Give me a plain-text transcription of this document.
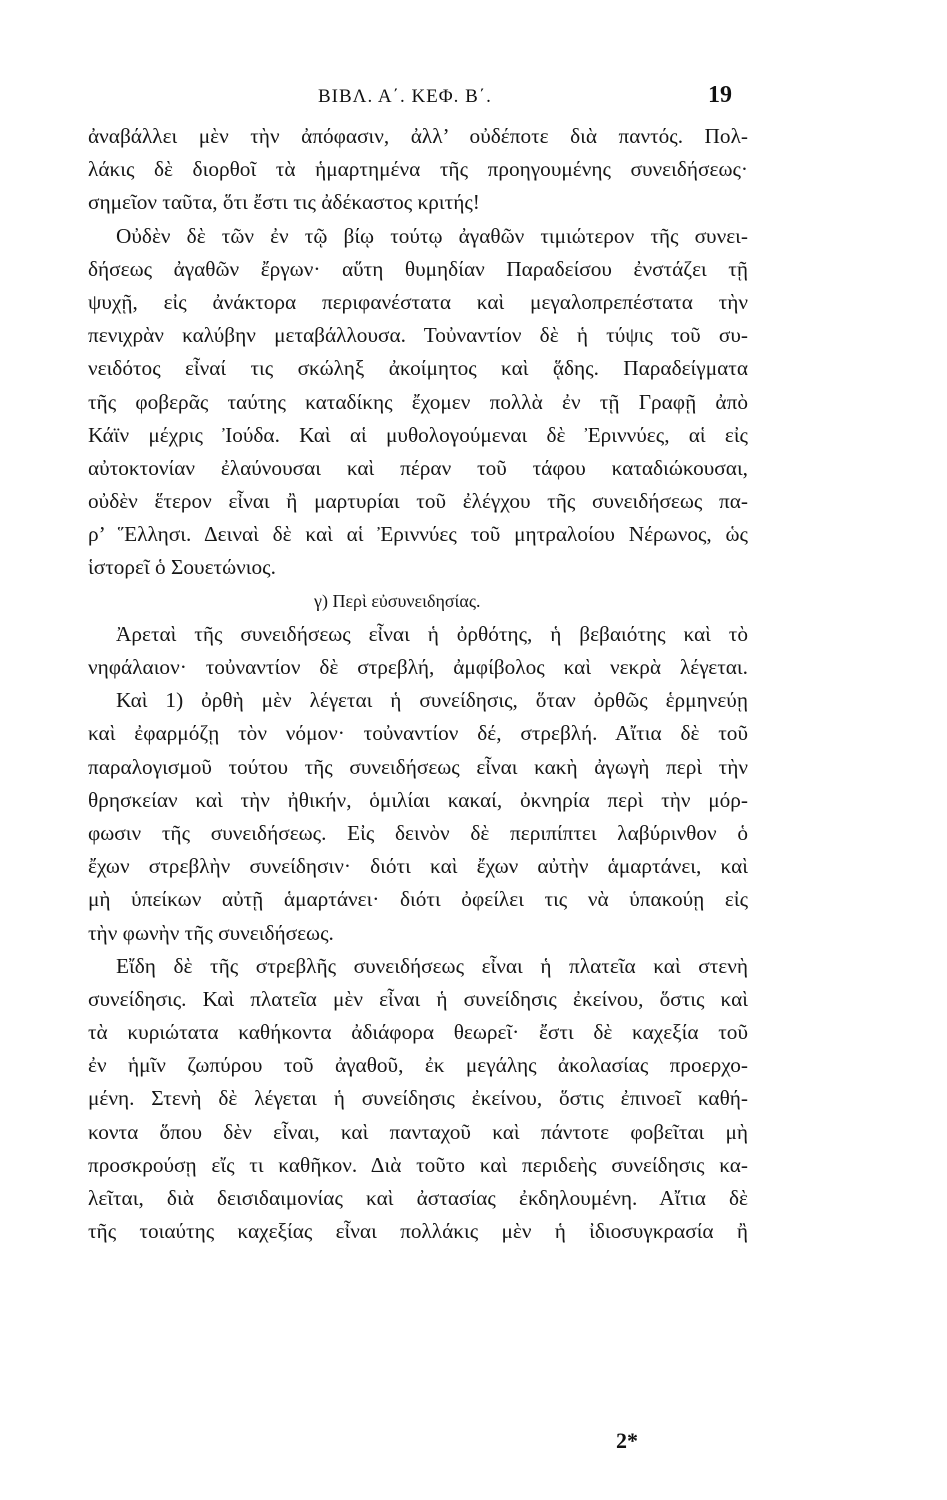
ΒΙΒΛ. Α΄. ΚΕΦ. Β΄.	19
ἀναβάλλει μὲν τὴν ἀπόφασιν, ἀλλ’ οὐδέποτε διὰ παντός. Πολ-
λάκις δὲ διορθοῖ τὰ ἡμαρτημένα τῆς προηγουμένης συνειδήσεως·
σημεῖον ταῦτα, ὅτι ἔστι τις ἀδέκαστος κριτής!
Οὐδὲν δὲ τῶν ἐν τῷ βίῳ τούτῳ ἀγαθῶν τιμιώτερον τῆς συνει-
δήσεως ἀγαθῶν ἔργων· αὕτη θυμηδίαν Παραδείσου ἐνστάζει τῇ
ψυχῇ, εἰς ἀνάκτορα περιφανέστατα καὶ μεγαλοπρεπέστατα τὴν
πενιχρὰν καλύβην μεταβάλλουσα. Τοὐναντίον δὲ ἡ τύψις τοῦ συ-
νειδότος εἶναί τις σκώληξ ἀκοίμητος καὶ ᾅδης. Παραδείγματα
τῆς φοβερᾶς ταύτης καταδίκης ἔχομεν πολλὰ ἐν τῇ Γραφῇ ἀπὸ
Κάϊν μέχρις Ἰούδα. Καὶ αἱ μυθολογούμεναι δὲ Ἐριννύες, αἱ εἰς
αὐτοκτονίαν ἐλαύνουσαι καὶ πέραν τοῦ τάφου καταδιώκουσαι,
οὐδὲν ἕτερον εἶναι ἢ μαρτυρίαι τοῦ ἐλέγχου τῆς συνειδήσεως πα-
ρ’ Ἕλλησι. Δειναὶ δὲ καὶ αἱ Ἐριννύες τοῦ μητραλοίου Νέρωνος, ὡς
ἱστορεῖ ὁ Σουετώνιος.
γ) Περὶ εὐσυνειδησίας.
Ἀρεταὶ τῆς συνειδήσεως εἶναι ἡ ὀρθότης, ἡ βεβαιότης καὶ τὸ
νηφάλαιον· τοὐναντίον δὲ στρεβλή, ἀμφίβολος καὶ νεκρὰ λέγεται.
Καὶ 1) ὀρθὴ μὲν λέγεται ἡ συνείδησις, ὅταν ὀρθῶς ἑρμηνεύῃ
καὶ ἐφαρμόζῃ τὸν νόμον· τοὐναντίον δέ, στρεβλή. Αἴτια δὲ τοῦ
παραλογισμοῦ τούτου τῆς συνειδήσεως εἶναι κακὴ ἀγωγὴ περὶ τὴν
θρησκείαν καὶ τὴν ἠθικήν, ὁμιλίαι κακαί, ὀκνηρία περὶ τὴν μόρ-
φωσιν τῆς συνειδήσεως. Εἰς δεινὸν δὲ περιπίπτει λαβύρινθον ὁ
ἔχων στρεβλὴν συνείδησιν· διότι καὶ ἔχων αὐτὴν ἁμαρτάνει, καὶ
μὴ ὑπείκων αὐτῇ ἁμαρτάνει· διότι ὀφείλει τις νὰ ὑπακούῃ εἰς
τὴν φωνὴν τῆς συνειδήσεως.
Εἴδη δὲ τῆς στρεβλῆς συνειδήσεως εἶναι ἡ πλατεῖα καὶ στενὴ
συνείδησις. Καὶ πλατεῖα μὲν εἶναι ἡ συνείδησις ἐκείνου, ὅστις καὶ
τὰ κυριώτατα καθήκοντα ἀδιάφορα θεωρεῖ· ἔστι δὲ καχεξία τοῦ
ἐν ἡμῖν ζωπύρου τοῦ ἀγαθοῦ, ἐκ μεγάλης ἀκολασίας προερχο-
μένη. Στενὴ δὲ λέγεται ἡ συνείδησις ἐκείνου, ὅστις ἐπινοεῖ καθή-
κοντα ὅπου δὲν εἶναι, καὶ πανταχοῦ καὶ πάντοτε φοβεῖται μὴ
προσκρούσῃ εἴς τι καθῆκον. Διὰ τοῦτο καὶ περιδεὴς συνείδησις κα-
λεῖται, διὰ δεισιδαιμονίας καὶ ἀστασίας ἐκδηλουμένη. Αἴτια δὲ
τῆς τοιαύτης καχεξίας εἶναι πολλάκις μὲν ἡ ἰδιοσυγκρασία ἢ
2*
